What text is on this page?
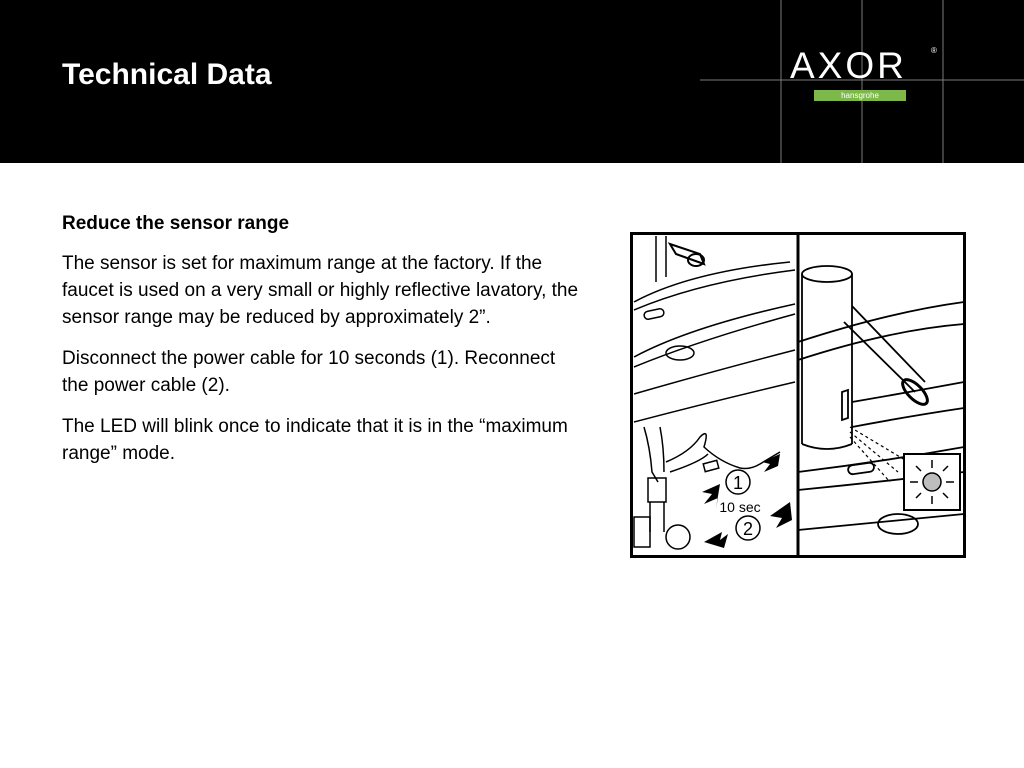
Technical Data	AXOR	®
hansgrohe
Reduce the sensor range

The sensor is set for maximum range at the factory. If the faucet is used on a very small or highly reflective lavatory, the sensor range may be reduced by approximately 2”.

Disconnect the power cable for 10 seconds (1). Reconnect the power cable (2).

The LED will blink once to indicate that it is in the “maximum range” mode.

1
10 sec
2
